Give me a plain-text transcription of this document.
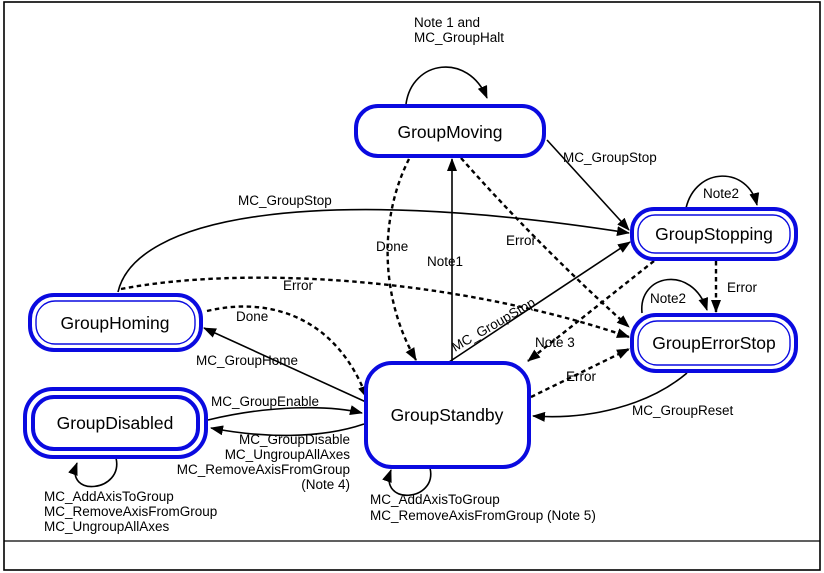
Note 1 and
MC_GroupHalt
MC_GroupStop
Note2
MC_GroupStop
Error
Done
Note1
Error
Note2
Error
Note 3
Error
MC_GroupStop
MC_GroupReset
Done
MC_GroupHome
MC_GroupEnable
MC_GroupDisable
MC_UngroupAllAxes
MC_RemoveAxisFromGroup
(Note 4)
MC_AddAxisToGroup
MC_RemoveAxisFromGroup
MC_UngroupAllAxes
MC_AddAxisToGroup
MC_RemoveAxisFromGroup (Note 5)
GroupMoving
GroupStopping
GroupErrorStop
GroupHoming
GroupDisabled	GroupStandby
